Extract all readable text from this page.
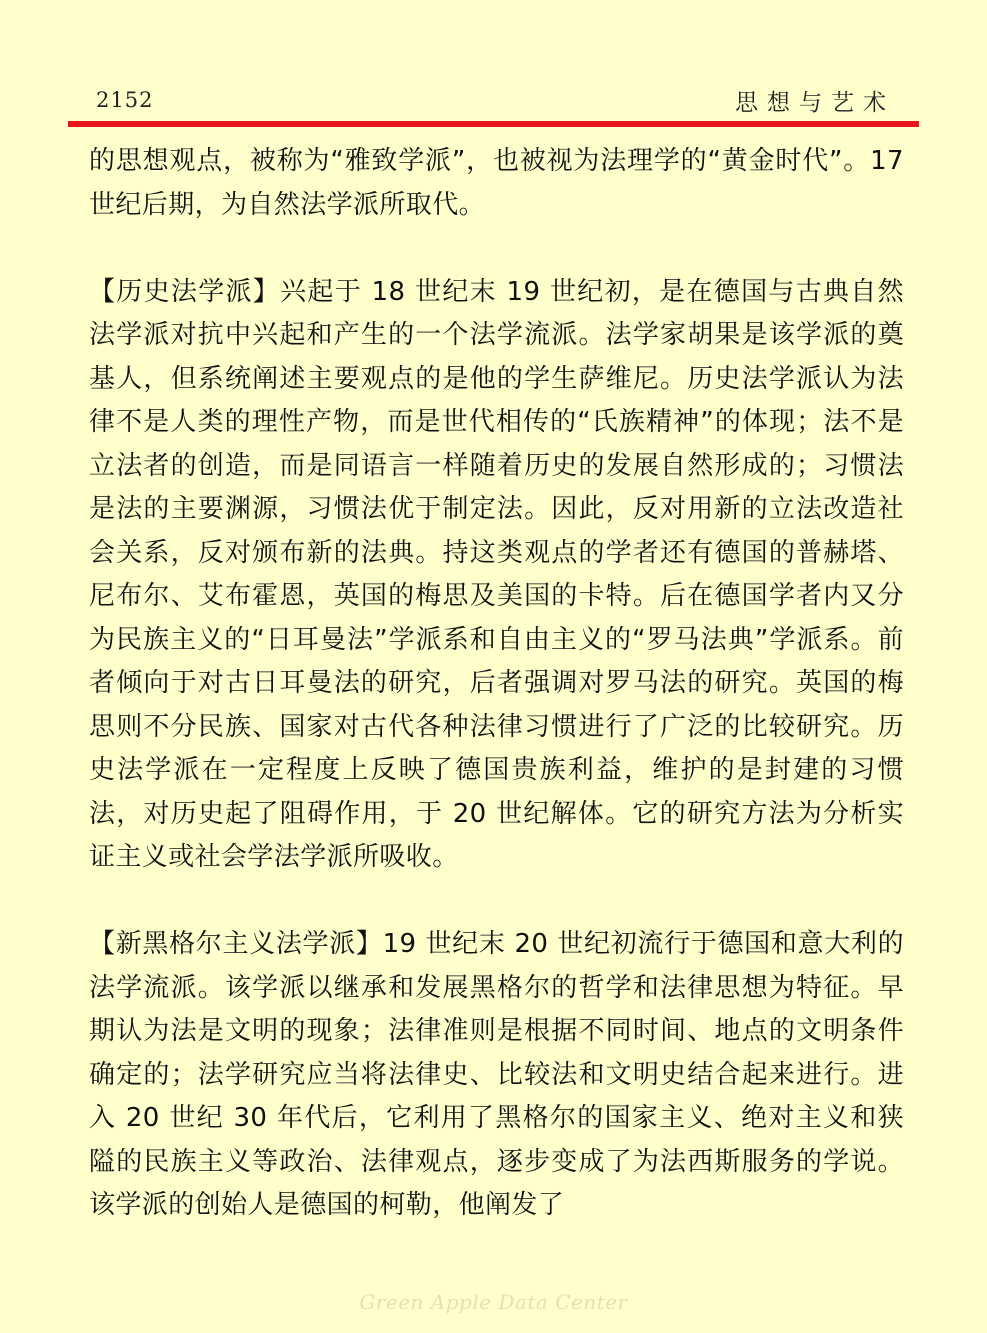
2152	思想与艺术

的思想观点，被称为“雅致学派”，也被视为法理学的“黄金时代”。17 世纪后期，为自然法学派所取代。

【历史法学派】兴起于 18 世纪末 19 世纪初，是在德国与古典自然法学派对抗中兴起和产生的一个法学流派。法学家胡果是该学派的奠基人，但系统阐述主要观点的是他的学生萨维尼。历史法学派认为法律不是人类的理性产物，而是世代相传的“氏族精神”的体现；法不是立法者的创造，而是同语言一样随着历史的发展自然形成的；习惯法是法的主要渊源，习惯法优于制定法。因此，反对用新的立法改造社会关系，反对颁布新的法典。持这类观点的学者还有德国的普赫塔、尼布尔、艾布霍恩，英国的梅思及美国的卡特。后在德国学者内又分为民族主义的“日耳曼法”学派系和自由主义的“罗马法典”学派系。前者倾向于对古日耳曼法的研究，后者强调对罗马法的研究。英国的梅思则不分民族、国家对古代各种法律习惯进行了广泛的比较研究。历史法学派在一定程度上反映了德国贵族利益，维护的是封建的习惯法，对历史起了阻碍作用，于 20 世纪解体。它的研究方法为分析实证主义或社会学法学派所吸收。

【新黑格尔主义法学派】19 世纪末 20 世纪初流行于德国和意大利的法学流派。该学派以继承和发展黑格尔的哲学和法律思想为特征。早期认为法是文明的现象；法律准则是根据不同时间、地点的文明条件确定的；法学研究应当将法律史、比较法和文明史结合起来进行。进入 20 世纪 30 年代后，它利用了黑格尔的国家主义、绝对主义和狭隘的民族主义等政治、法律观点，逐步变成了为法西斯服务的学说。该学派的创始人是德国的柯勒，他阐发了

Green Apple Data Center
